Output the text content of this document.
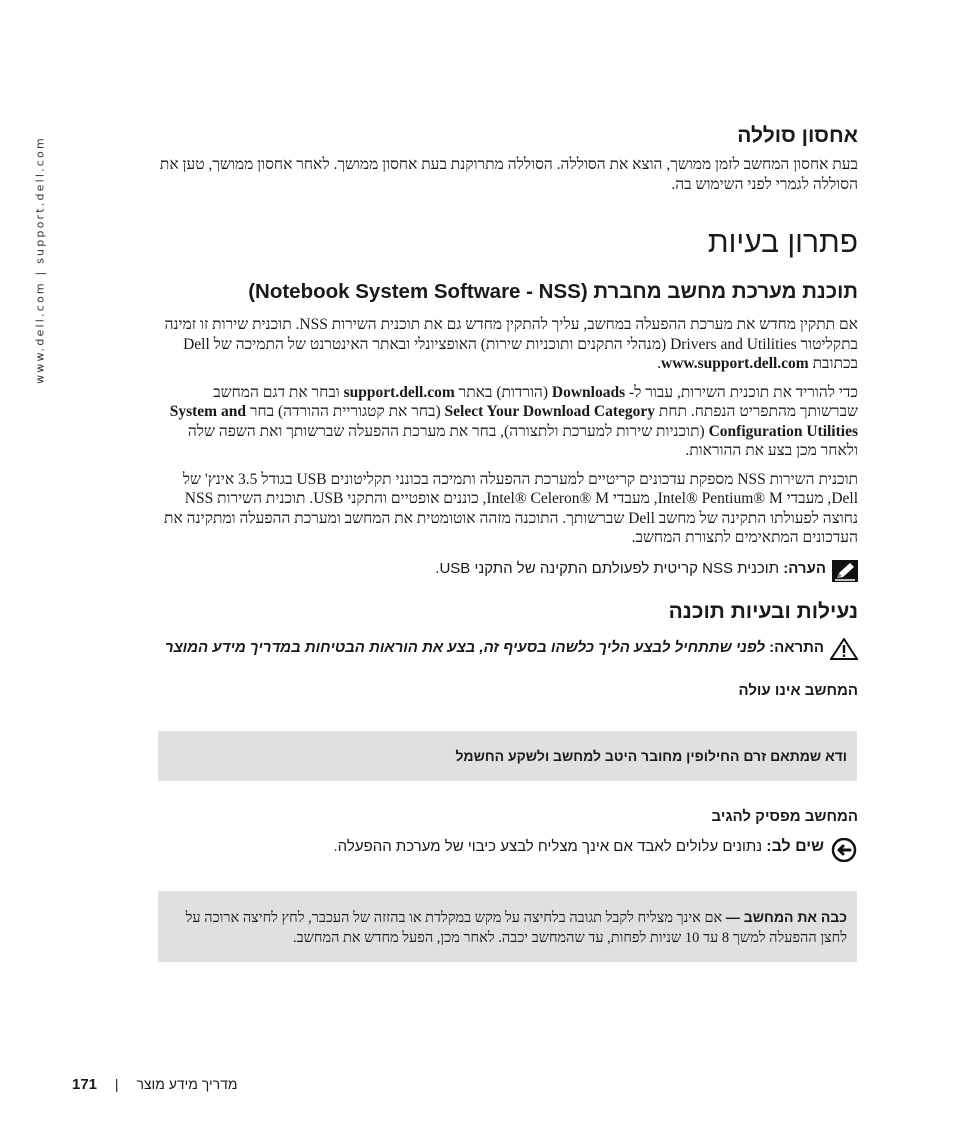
www.dell.com | support.dell.com
אחסון סוללה

בעת אחסון המחשב לזמן ממושך, הוצא את הסוללה. הסוללה מתרוקנת בעת אחסון ממושך. לאחר אחסון ממושך, טען את הסוללה לגמרי לפני השימוש בה.

פתרון בעיות
תוכנת מערכת מחשב מחברת (Notebook System Software - NSS)

אם תתקין מחדש את מערכת ההפעלה במחשב, עליך להתקין מחדש גם את תוכנית השירות NSS. תוכנית שירות זו זמינה בתקליטור Drivers and Utilities (מנהלי התקנים ותוכניות שירות) האופציונלי ובאתר האינטרנט של התמיכה של Dell בכתובת www.support.dell.com.

כדי להוריד את תוכנית השירות, עבור ל- Downloads (הורדות) באתר support.dell.com ובחר את דגם המחשב שברשותך מהתפריט הנפתח. תחת Select Your Download Category (בחר את קטגוריית ההורדה) בחר System and Configuration Utilities (תוכניות שירות למערכת ולתצורה), בחר את מערכת ההפעלה שברשותך ואת השפה שלה ולאחר מכן בצע את ההוראות.

תוכנית השירות NSS מספקת עדכונים קריטיים למערכת ההפעלה ותמיכה בכונני תקליטונים USB בגודל 3.5 אינץ' של Dell, מעבדי Intel® Pentium® M, מעבדי Intel® Celeron® M, כוננים אופטיים והתקני USB. תוכנית השירות NSS נחוצה לפעולתו התקינה של מחשב Dell שברשותך. התוכנה מזהה אוטומטית את המחשב ומערכת ההפעלה ומתקינה את העדכונים המתאימים לתצורת המחשב.

הערה: תוכנית NSS קריטית לפעולתם התקינה של התקני USB.
נעילות ובעיות תוכנה
התראה: לפני שתתחיל לבצע הליך כלשהו בסעיף זה, בצע את הוראות הבטיחות במדריך מידע המוצר
המחשב אינו עולה
ודא שמתאם זרם החילופין מחובר היטב למחשב ולשקע החשמל
המחשב מפסיק להגיב
שים לב: נתונים עלולים לאבד אם אינך מצליח לבצע כיבוי של מערכת ההפעלה.

כבה את המחשב — אם אינך מצליח לקבל תגובה בלחיצה על מקש במקלדת או בהזזה של העכבר, לחץ לחיצה ארוכה על לחצן ההפעלה למשך 8 עד 10 שניות לפחות, עד שהמחשב יכבה. לאחר מכן, הפעל מחדש את המחשב.

171 | מדריך מידע מוצר
